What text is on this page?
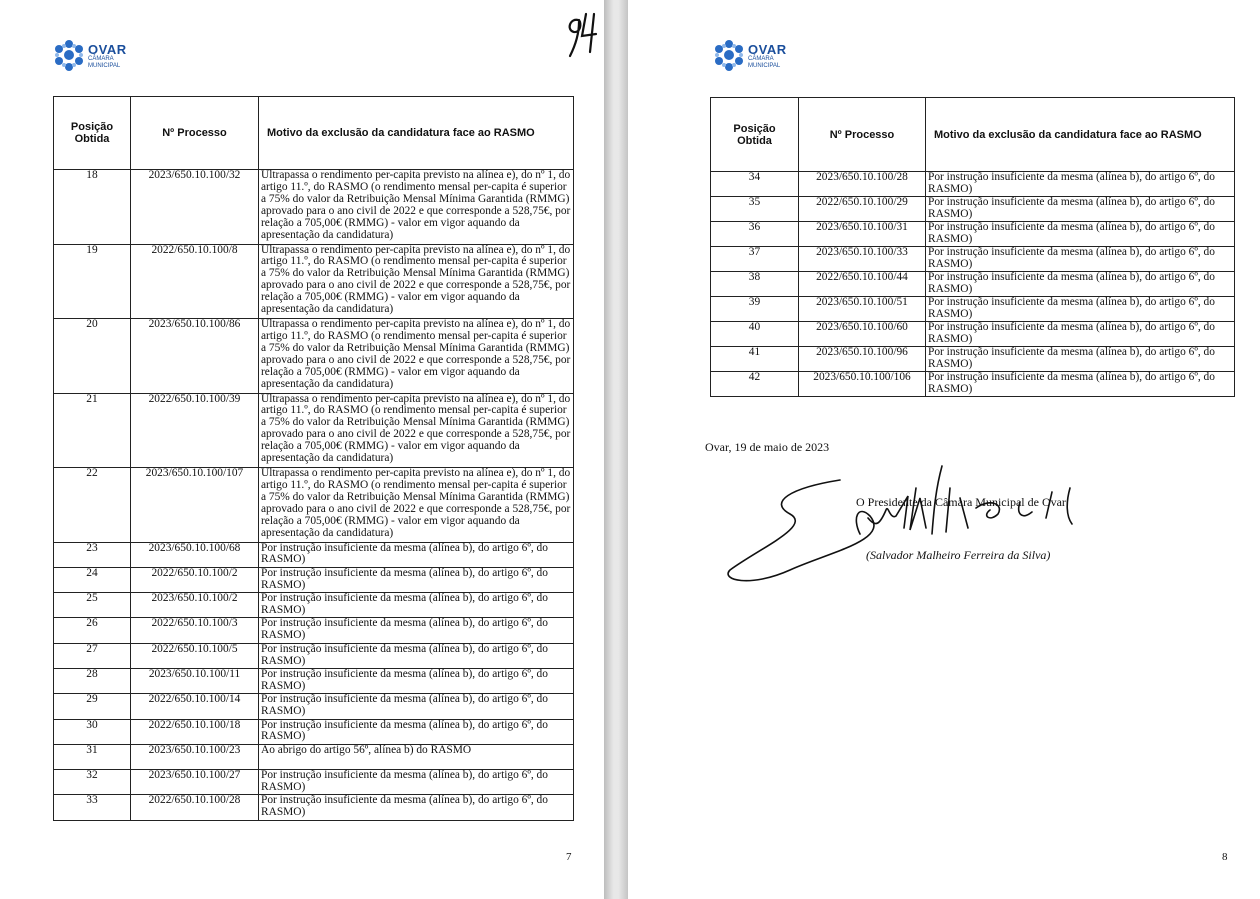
OVAR
CÂMARA
MUNICIPAL
94
Posição Obtida	Nº Processo	Motivo da exclusão da candidatura face ao RASMO
18	2023/650.10.100/32	Ultrapassa o rendimento per-capita previsto na alínea e), do nº 1, do artigo 11.º, do RASMO (o rendimento mensal per-capita é superior a 75% do valor da Retribuição Mensal Mínima Garantida (RMMG) aprovado para o ano civil de 2022 e que corresponde a 528,75€, por relação a 705,00€ (RMMG) - valor em vigor aquando da apresentação da candidatura)
19	2022/650.10.100/8	Ultrapassa o rendimento per-capita previsto na alínea e), do nº 1, do artigo 11.º, do RASMO (o rendimento mensal per-capita é superior a 75% do valor da Retribuição Mensal Mínima Garantida (RMMG) aprovado para o ano civil de 2022 e que corresponde a 528,75€, por relação a 705,00€ (RMMG) - valor em vigor aquando da apresentação da candidatura)
20	2023/650.10.100/86	Ultrapassa o rendimento per-capita previsto na alínea e), do nº 1, do artigo 11.º, do RASMO (o rendimento mensal per-capita é superior a 75% do valor da Retribuição Mensal Mínima Garantida (RMMG) aprovado para o ano civil de 2022 e que corresponde a 528,75€, por relação a 705,00€ (RMMG) - valor em vigor aquando da apresentação da candidatura)
21	2022/650.10.100/39	Ultrapassa o rendimento per-capita previsto na alínea e), do nº 1, do artigo 11.º, do RASMO (o rendimento mensal per-capita é superior a 75% do valor da Retribuição Mensal Mínima Garantida (RMMG) aprovado para o ano civil de 2022 e que corresponde a 528,75€, por relação a 705,00€ (RMMG) - valor em vigor aquando da apresentação da candidatura)
22	2023/650.10.100/107	Ultrapassa o rendimento per-capita previsto na alínea e), do nº 1, do artigo 11.º, do RASMO (o rendimento mensal per-capita é superior a 75% do valor da Retribuição Mensal Mínima Garantida (RMMG) aprovado para o ano civil de 2022 e que corresponde a 528,75€, por relação a 705,00€ (RMMG) - valor em vigor aquando da apresentação da candidatura)
23	2023/650.10.100/68	Por instrução insuficiente da mesma (alínea b), do artigo 6º, do RASMO)
24	2022/650.10.100/2	Por instrução insuficiente da mesma (alínea b), do artigo 6º, do RASMO)
25	2023/650.10.100/2	Por instrução insuficiente da mesma (alínea b), do artigo 6º, do RASMO)
26	2022/650.10.100/3	Por instrução insuficiente da mesma (alínea b), do artigo 6º, do RASMO)
27	2022/650.10.100/5	Por instrução insuficiente da mesma (alínea b), do artigo 6º, do RASMO)
28	2023/650.10.100/11	Por instrução insuficiente da mesma (alínea b), do artigo 6º, do RASMO)
29	2022/650.10.100/14	Por instrução insuficiente da mesma (alínea b), do artigo 6º, do RASMO)
30	2022/650.10.100/18	Por instrução insuficiente da mesma (alínea b), do artigo 6º, do RASMO)
31	2023/650.10.100/23	Ao abrigo do artigo 56º, alínea b) do RASMO
32	2023/650.10.100/27	Por instrução insuficiente da mesma (alínea b), do artigo 6º, do RASMO)
33	2022/650.10.100/28	Por instrução insuficiente da mesma (alínea b), do artigo 6º, do RASMO)
7
OVAR
CÂMARA
MUNICIPAL
Posição Obtida	Nº Processo	Motivo da exclusão da candidatura face ao RASMO
34	2023/650.10.100/28	Por instrução insuficiente da mesma (alínea b), do artigo 6º, do RASMO)
35	2022/650.10.100/29	Por instrução insuficiente da mesma (alínea b), do artigo 6º, do RASMO)
36	2023/650.10.100/31	Por instrução insuficiente da mesma (alínea b), do artigo 6º, do RASMO)
37	2023/650.10.100/33	Por instrução insuficiente da mesma (alínea b), do artigo 6º, do RASMO)
38	2022/650.10.100/44	Por instrução insuficiente da mesma (alínea b), do artigo 6º, do RASMO)
39	2023/650.10.100/51	Por instrução insuficiente da mesma (alínea b), do artigo 6º, do RASMO)
40	2023/650.10.100/60	Por instrução insuficiente da mesma (alínea b), do artigo 6º, do RASMO)
41	2023/650.10.100/96	Por instrução insuficiente da mesma (alínea b), do artigo 6º, do RASMO)
42	2023/650.10.100/106	Por instrução insuficiente da mesma (alínea b), do artigo 6º, do RASMO)
Ovar, 19 de maio de 2023
O Presidente da Câmara Municipal de Ovar
(Salvador Malheiro Ferreira da Silva)
8
